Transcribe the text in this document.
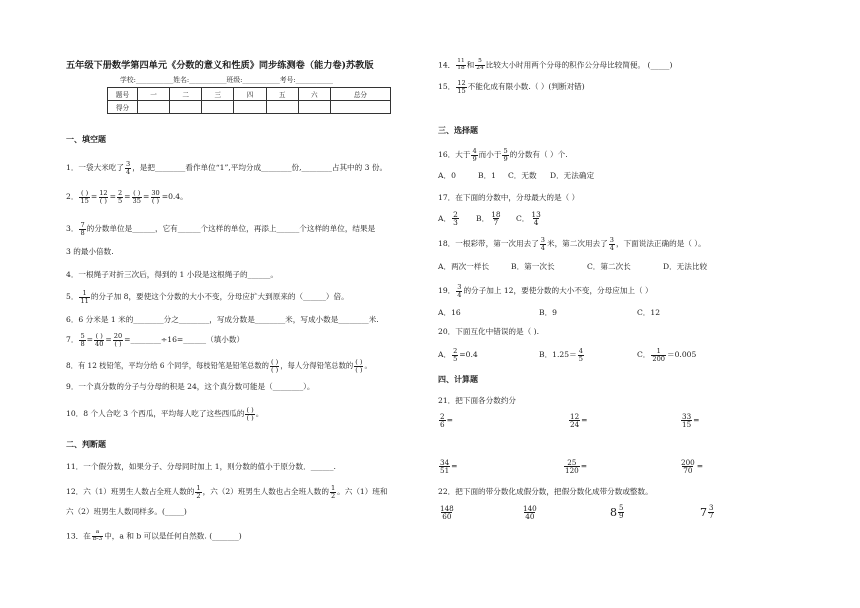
五年级下册数学第四单元《分数的意义和性质》同步练测卷（能力卷)苏教版
学校:___________姓名:___________班级:___________考号:___________
题号	一	二	三	四	五	六	总分
得分							
一、填空题
1．一袋大米吃了￼ $\frac{3}{4}$ ，是把________看作单位“1”,平均分成________份,________占其中的 3 份。
2． $\frac{( )}{15} = \frac{12}{( )} = \frac{2}{5} = \frac{( )}{35} = \frac{30}{( )} =0.4$。
3． $\frac{7}{8}$ 的分数单位是______，它有______个这样的单位，再添上______个这样的单位，结果是
3 的最小倍数.
4．一根绳子对折三次后，得到的 1 小段是这根绳子的______。
5． $\frac{1}{11}$ 的分子加 8，要使这个分数的大小不变，分母应扩大到原来的（______）倍。
6．6 分米是 1 米的________分之________，写成分数是________米，写成小数是________米.
7． $\frac{5}{8} = \frac{( )}{40} = \frac{20}{( )}$ =________÷16=______（填小数）
8．有 12 枝铅笔，平均分给 6 个同学，每枝铅笔是铅笔总数的 $\frac{( )}{( )}$ ，每人分得铅笔总数的 $\frac{( )}{( )}$ 。
9．一个真分数的分子与分母的积是 24，这个真分数可能是（________）。
10．8 个人合吃 3 个西瓜，平均每人吃了这些西瓜的 $\frac{( )}{( )}$ 。
二、判断题
11．一个假分数，如果分子、分母同时加上 1，则分数的值小于原分数．______.
12．六（1）班男生人数占全班人数的 $\frac{1}{2}$ ，六（2）班男生人数也占全班人数的 $\frac{1}{2}$ 。六（1）班和
六（2）班男生人数同样多。(_____)
13．在 $\frac{a}{b-3}$ 中，a 和 b 可以是任何自然数. (_______)
14． $\frac{11}{18}$ 和 $\frac{5}{24}$ 比较大小时用两个分母的积作公分母比较简便。 (_____)
15． $\frac{12}{15}$ 不能化成有限小数.（ ）(判断对错)
三、选择题
16．大于 $\frac{4}{9}$ 而小于 $\frac{5}{9}$ 的分数有（ ）个.
A．0	B．1 C．无数 D．无法确定
17．在下面的分数中，分母最大的是（ ）
A． $\frac{2}{3}$ B． $\frac{18}{7}$ C． $\frac{13}{4}$
18．一根彩带，第一次用去了 $\frac{3}{4}$ 米，第二次用去了 $\frac{3}{4}$ ，下面说法正确的是（ ）。
A．两次一样长	B．第一次长	C．第二次长	D．无法比较
19． $\frac{3}{4}$ 的分子加上 12，要使分数的大小不变，分母应加上（ ）
A．16	B．9	C．12
20．下面互化中错误的是（ ).
A． $\frac{2}{5} =0.4$	B．$1.25= \frac{4}{5}$	C． $\frac{1}{200} =0.005$
四、计算题
21．把下面各分数约分
$\frac{2}{6}$ =	$\frac{12}{24}$ =	$\frac{33}{15}$ =
$\frac{34}{51}$ =	$\frac{25}{120}$ =	$\frac{200}{70}$ =
22．把下面的带分数化成假分数，把假分数化成带分数或整数。
$\frac{148}{60}$	$\frac{140}{40}$	$8 \frac{5}{9}$	$7 \frac{3}{7}$
